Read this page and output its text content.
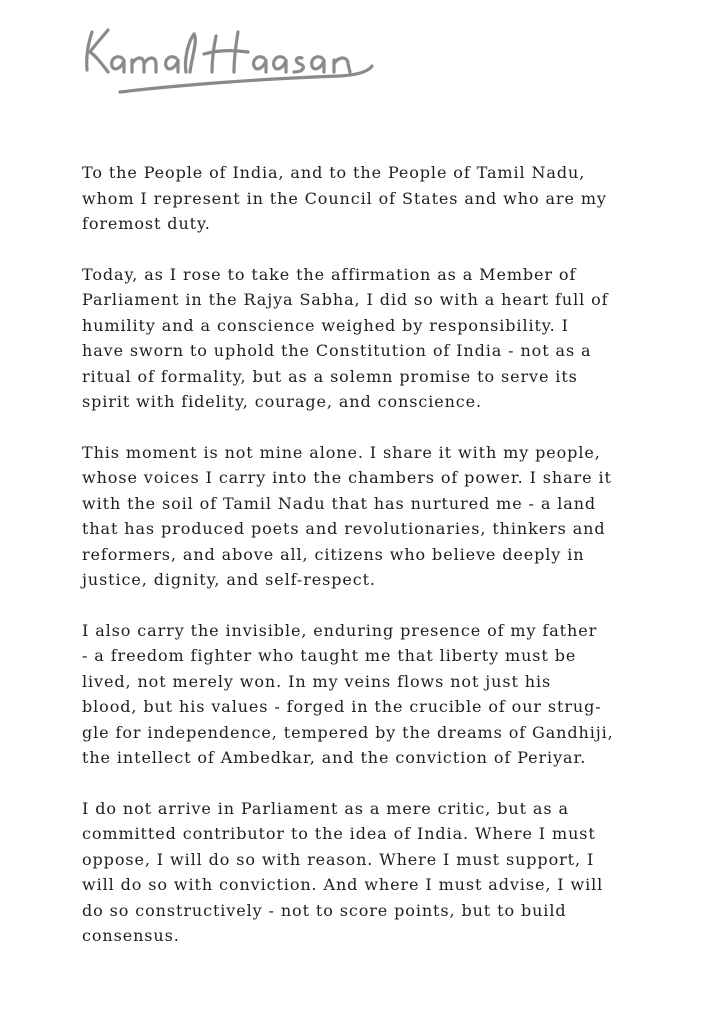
To the People of India, and to the People of Tamil Nadu,
whom I represent in the Council of States and who are my
foremost duty.
Today, as I rose to take the affirmation as a Member of
Parliament in the Rajya Sabha, I did so with a heart full of
humility and a conscience weighed by responsibility. I
have sworn to uphold the Constitution of India - not as a
ritual of formality, but as a solemn promise to serve its
spirit with fidelity, courage, and conscience.
This moment is not mine alone. I share it with my people,
whose voices I carry into the chambers of power. I share it
with the soil of Tamil Nadu that has nurtured me - a land
that has produced poets and revolutionaries, thinkers and
reformers, and above all, citizens who believe deeply in
justice, dignity, and self-respect.
I also carry the invisible, enduring presence of my father
- a freedom fighter who taught me that liberty must be
lived, not merely won. In my veins flows not just his
blood, but his values - forged in the crucible of our strug-
gle for independence, tempered by the dreams of Gandhiji,
the intellect of Ambedkar, and the conviction of Periyar.
I do not arrive in Parliament as a mere critic, but as a
committed contributor to the idea of India. Where I must
oppose, I will do so with reason. Where I must support, I
will do so with conviction. And where I must advise, I will
do so constructively - not to score points, but to build
consensus.
